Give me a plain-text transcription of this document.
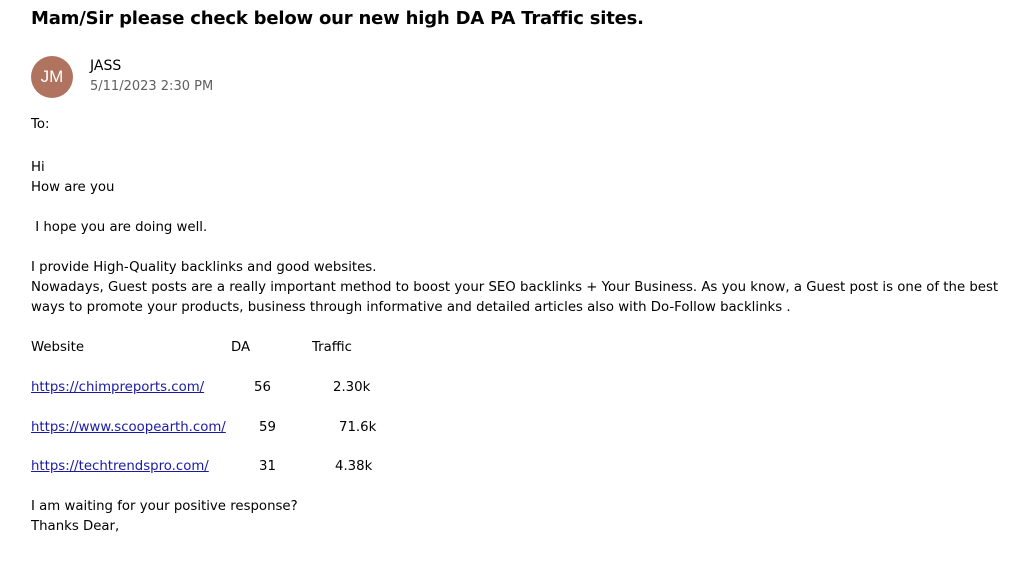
Mam/Sir please check below our new high DA PA Traffic sites.
JM
JASS
5/11/2023 2:30 PM
To:
Hi
How are you
I hope you are doing well.
I provide High-Quality backlinks and good websites.
Nowadays, Guest posts are a really important method to boost your SEO backlinks + Your Business. As you know, a Guest post is one of the best ways to promote your products, business through informative and detailed articles also with Do-Follow backlinks .
Website	DA	Traffic
https://chimpreports.com/	56	2.30k
https://www.scoopearth.com/ 59	71.6k
https://techtrendspro.com/	31	4.38k
I am waiting for your positive response?
Thanks Dear,
